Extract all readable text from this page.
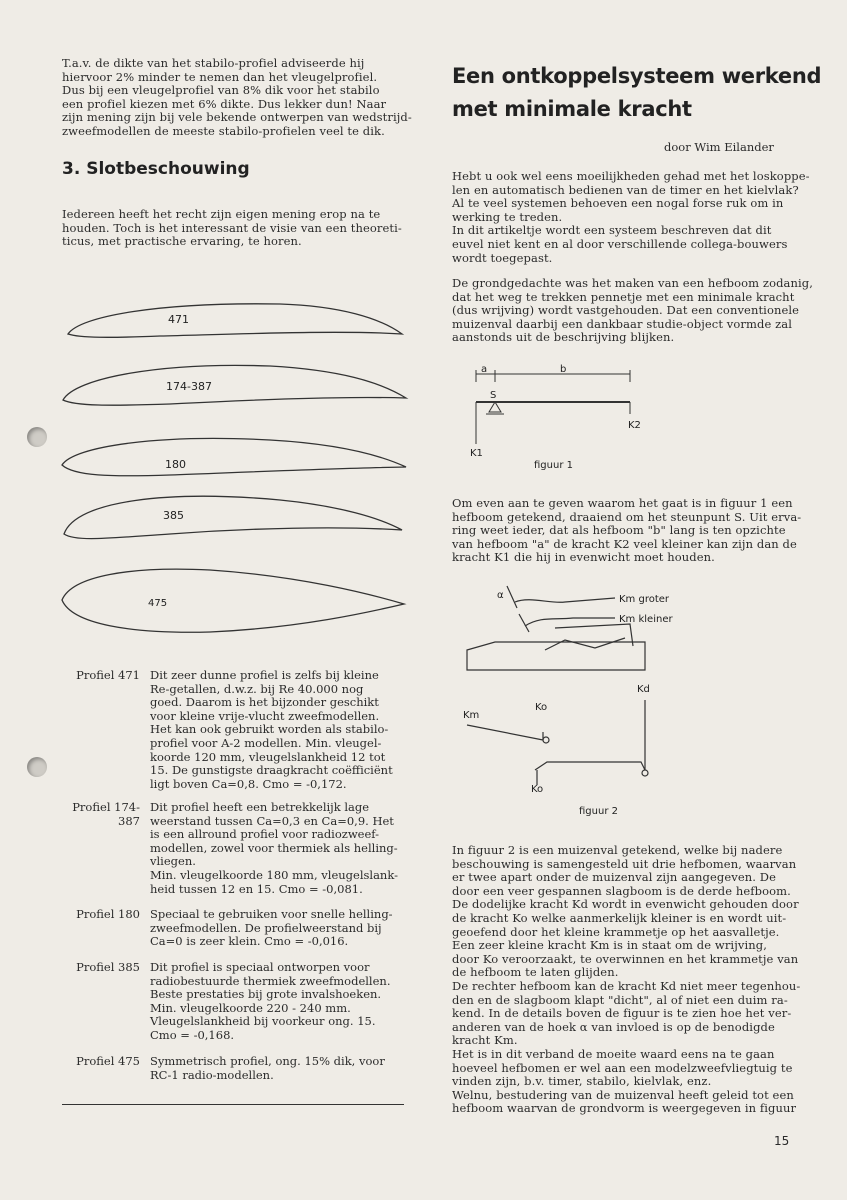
T.a.v. de dikte van het stabilo-profiel adviseerde hij
hiervoor 2% minder te nemen dan het vleugelprofiel.
Dus bij een vleugelprofiel van 8% dik voor het stabilo
een profiel kiezen met 6% dikte. Dus lekker dun! Naar
zijn mening zijn bij vele bekende ontwerpen van wedstrijd-
zweefmodellen de meeste stabilo-profielen veel te dik.
3. Slotbeschouwing
Iedereen heeft het recht zijn eigen mening erop na te
houden. Toch is het interessant de visie van een theoreti-
ticus, met practische ervaring, te horen.
471
174-387
180
385
475
Profiel 471 Dit zeer dunne profiel is zelfs bij kleine
Re-getallen, d.w.z. bij Re 40.000 nog
goed. Daarom is het bijzonder geschikt
voor kleine vrije-vlucht zweefmodellen.
Het kan ook gebruikt worden als stabilo-
profiel voor A-2 modellen. Min. vleugel-
koorde 120 mm, vleugelslankheid 12 tot
15. De gunstigste draagkracht coëfficiënt
ligt boven Ca=0,8. Cmo = -0,172.
Profiel 174-
387
Dit profiel heeft een betrekkelijk lage
weerstand tussen Ca=0,3 en Ca=0,9. Het
is een allround profiel voor radiozweef-
modellen, zowel voor thermiek als helling-
vliegen.
Min. vleugelkoorde 180 mm, vleugelslank-
heid tussen 12 en 15. Cmo = -0,081.
Profiel 180 Speciaal te gebruiken voor snelle helling-
zweefmodellen. De profielweerstand bij
Ca=0 is zeer klein. Cmo = -0,016.
Profiel 385 Dit profiel is speciaal ontworpen voor
radiobestuurde thermiek zweefmodellen.
Beste prestaties bij grote invalshoeken.
Min. vleugelkoorde 220 - 240 mm.
Vleugelslankheid bij voorkeur ong. 15.
Cmo = -0,168.
Profiel 475 Symmetrisch profiel, ong. 15% dik, voor
RC-1 radio-modellen.
Een ontkoppelsysteem werkend
met minimale kracht
door Wim Eilander
Hebt u ook wel eens moeilijkheden gehad met het loskoppe-
len en automatisch bedienen van de timer en het kielvlak?
Al te veel systemen behoeven een nogal forse ruk om in
werking te treden.
In dit artikeltje wordt een systeem beschreven dat dit
euvel niet kent en al door verschillende collega-bouwers
wordt toegepast.
De grondgedachte was het maken van een hefboom zodanig,
dat het weg te trekken pennetje met een minimale kracht
(dus wrijving) wordt vastgehouden. Dat een conventionele
muizenval daarbij een dankbaar studie-object vormde zal
aanstonds uit de beschrijving blijken.
a	b
S
K2
K1
figuur 1
Om even aan te geven waarom het gaat is in figuur 1 een
hefboom getekend, draaiend om het steunpunt S. Uit erva-
ring weet ieder, dat als hefboom "b" lang is ten opzichte
van hefboom "a" de kracht K2 veel kleiner kan zijn dan de
kracht K1 die hij in evenwicht moet houden.
α	Km groter
Km kleiner
Kd
Km
Ko
Ko
figuur 2
In figuur 2 is een muizenval getekend, welke bij nadere
beschouwing is samengesteld uit drie hefbomen, waarvan
er twee apart onder de muizenval zijn aangegeven. De
door een veer gespannen slagboom is de derde hefboom.
De dodelijke kracht Kd wordt in evenwicht gehouden door
de kracht Ko welke aanmerkelijk kleiner is en wordt uit-
geoefend door het kleine krammetje op het aasvalletje.
Een zeer kleine kracht Km is in staat om de wrijving,
door Ko veroorzaakt, te overwinnen en het krammetje van
de hefboom te laten glijden.
De rechter hefboom kan de kracht Kd niet meer tegenhou-
den en de slagboom klapt "dicht", al of niet een duim ra-
kend. In de details boven de figuur is te zien hoe het ver-
anderen van de hoek α van invloed is op de benodigde
kracht Km.
Het is in dit verband de moeite waard eens na te gaan
hoeveel hefbomen er wel aan een modelzweefvliegtuig te
vinden zijn, b.v. timer, stabilo, kielvlak, enz.
Welnu, bestudering van de muizenval heeft geleid tot een
hefboom waarvan de grondvorm is weergegeven in figuur
15
